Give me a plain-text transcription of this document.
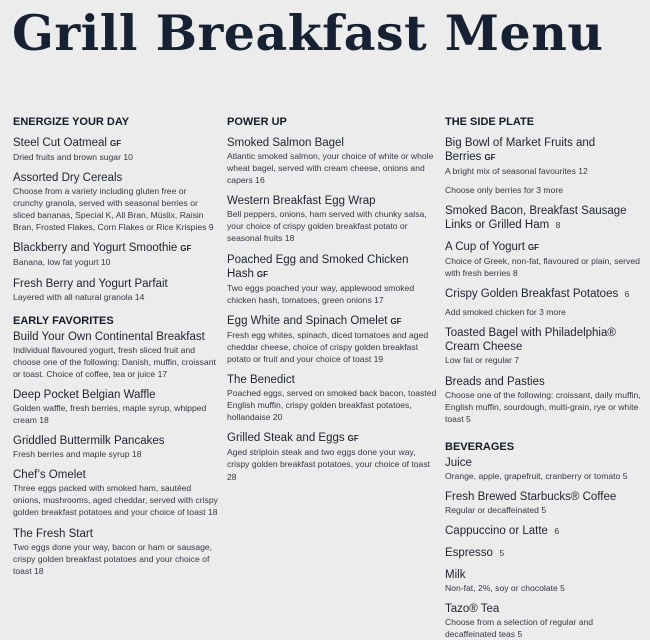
Grill Breakfast Menu
ENERGIZE YOUR DAY
Steel Cut Oatmeal GF
Dried fruits and brown sugar 10
Assorted Dry Cereals
Choose from a variety including gluten free or crunchy granola, served with seasonal berries or sliced bananas, Special K, All Bran, Müslix, Raisin Bran, Frosted Flakes, Corn Flakes or Rice Krispies 9
Blackberry and Yogurt Smoothie GF
Banana, low fat yogurt 10
Fresh Berry and Yogurt Parfait
Layered with all natural granola 14
EARLY FAVORITES
Build Your Own Continental Breakfast
Individual flavoured yogurt, fresh sliced fruit and choose one of the following: Danish, muffin, croissant or toast. Choice of coffee, tea or juice 17
Deep Pocket Belgian Waffle
Golden waffle, fresh berries, maple syrup, whipped cream 18
Griddled Buttermilk Pancakes
Fresh berries and maple syrup 18
Chef’s Omelet
Three eggs packed with smoked ham, sautéed onions, mushrooms, aged cheddar, served with crispy golden breakfast potatoes and your choice of toast 18
The Fresh Start
Two eggs done your way, bacon or ham or sausage, crispy golden breakfast potatoes and your choice of toast 18
POWER UP
Smoked Salmon Bagel
Atlantic smoked salmon, your choice of white or whole wheat bagel, served with cream cheese, onions and capers 16
Western Breakfast Egg Wrap
Bell peppers, onions, ham served with chunky salsa, your choice of crispy golden breakfast potato or seasonal fruits 18
Poached Egg and Smoked Chicken Hash GF
Two eggs poached your way, applewood smoked chicken hash, tomatoes, green onions 17
Egg White and Spinach Omelet GF
Fresh egg whites, spinach, diced tomatoes and aged cheddar cheese, choice of crispy golden breakfast potato or fruit and your choice of toast 19
The Benedict
Poached eggs, served on smoked back bacon, toasted English muffin, crispy golden breakfast potatoes, hollandaise 20
Grilled Steak and Eggs GF
Aged striploin steak and two eggs done your way, crispy golden breakfast potatoes, your choice of toast 28
THE SIDE PLATE
Big Bowl of Market Fruits and Berries GF
A bright mix of seasonal favourites 12
Choose only berries for 3 more
Smoked Bacon, Breakfast Sausage Links or Grilled Ham 8
A Cup of Yogurt GF
Choice of Greek, non-fat, flavoured or plain, served with fresh berries 8
Crispy Golden Breakfast Potatoes 6
Add smoked chicken for 3 more
Toasted Bagel with Philadelphia® Cream Cheese
Low fat or regular 7
Breads and Pasties
Choose one of the following: croissant, daily muffin, English muffin, sourdough, multi-grain, rye or white toast 5
BEVERAGES
Juice
Orange, apple, grapefruit, cranberry or tomato 5
Fresh Brewed Starbucks® Coffee
Regular or decaffeinated 5
Cappuccino or Latte 6
Espresso 5
Milk
Non-fat, 2%, soy or chocolate 5
Tazo® Tea
Choose from a selection of regular and decaffeinated teas 5
